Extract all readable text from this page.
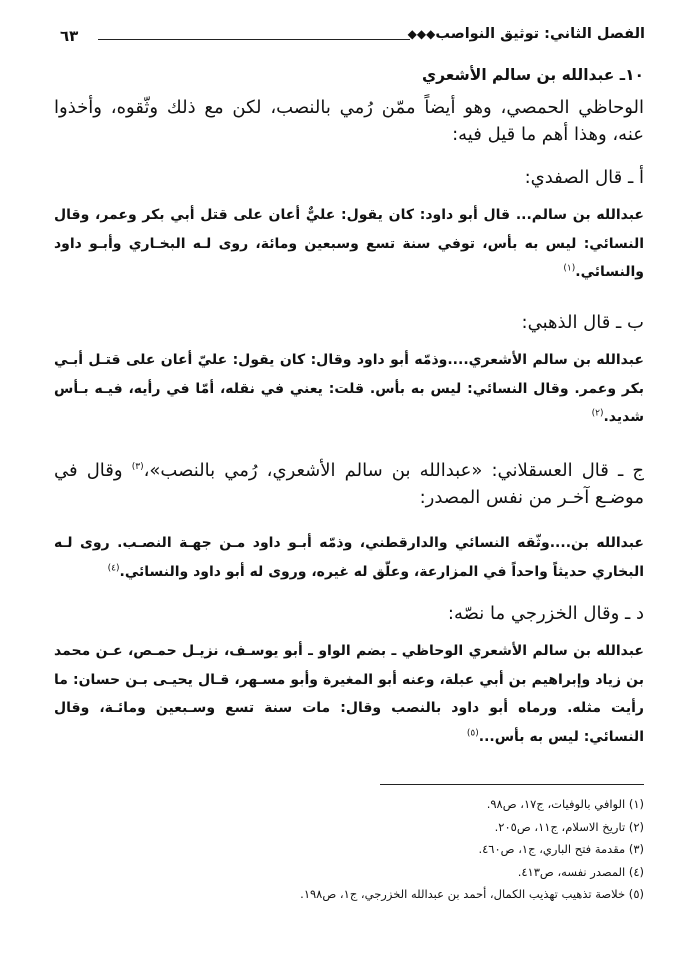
الفصل الثاني: توثيق النواصب◆◆◆
٦٣
١٠ـ عبدالله بن سالم الأشعري
الوحاظي الحمصي، وهو أيضاً ممّن رُمي بالنصب، لكن مع ذلك وثّقوه، وأخذوا عنه، وهذا أهم ما قيل فيه:
أ ـ قال الصفدي:
عبدالله بن سالم... قال أبو داود: كان يقول: عليٌّ أعان على قتل أبي بكر وعمر، وقال النسائي: ليس به بأس، توفي سنة تسع وسبعين ومائة، روى لـه البخـاري وأبـو داود والنسائي.$^{(١)}$
ب ـ قال الذهبي:
عبدالله بن سالم الأشعري....وذمّه أبو داود وقال: كان يقول: عليّ أعان على قتـل أبـي بكر وعمر. وقال النسائي: ليس به بأس. قلت: يعني في نقله، أمّا في رأيه، فيـه بـأس شديد.$^{(٢)}$
ج ـ قال العسقلاني: «عبدالله بن سالم الأشعري، رُمي بالنصب»،$^{(٣)}$ وقال في موضـع آخـر من نفس المصدر:
عبدالله بن....وثّقه النسائي والدارقطني، وذمّه أبـو داود مـن جهـة النصـب. روى لـه البخاري حديثاً واحداً في المزارعة، وعلّق له غيره، وروى له أبو داود والنسائي.$^{(٤)}$
د ـ وقال الخزرجي ما نصّه:
عبدالله بن سالم الأشعري الوحاظي ـ بضم الواو ـ أبو يوسـف، نزيـل حمـص، عـن محمد بن زياد وإبراهيم بن أبي عبلة، وعنه أبو المغيرة وأبو مسـهر، قـال يحيـى بـن حسان: ما رأيت مثله. ورماه أبو داود بالنصب وقال: مات سنة تسع وسـبعين ومائـة، وقال النسائي: ليس به بأس...$^{(٥)}$
(١) الوافي بالوفيات، ج١٧، ص٩٨.
(٢) تاريخ الاسلام، ج١١، ص٢٠٥.
(٣) مقدمة فتح الباري، ج١، ص٤٦٠.
(٤) المصدر نفسه، ص٤١٣.
(٥) خلاصة تذهيب تهذيب الكمال، أحمد بن عبدالله الخزرجي، ج١، ص١٩٨.
